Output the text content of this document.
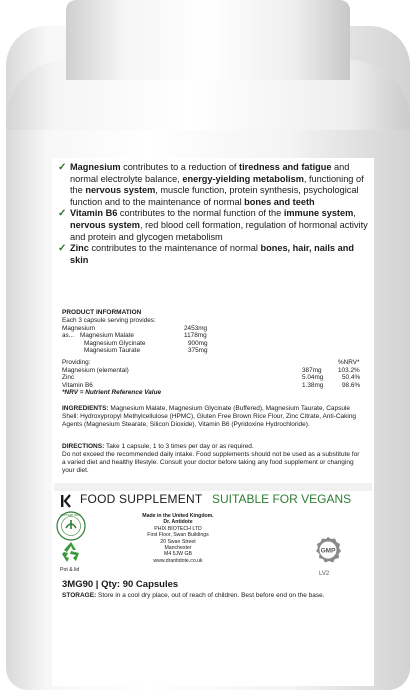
✓ Magnesium contributes to a reduction of tiredness and fatigue and normal electrolyte balance, energy-yielding metabolism, functioning of the nervous system, muscle function, protein synthesis, psychological function and to the maintenance of normal bones and teeth
✓ Vitamin B6 contributes to the normal function of the immune system, nervous system, red blood cell formation, regulation of hormonal activity and protein and glycogen metabolism
✓ Zinc contributes to the maintenance of normal bones, hair, nails and skin
PRODUCT INFORMATION
Each 3 capsule serving provides:
Magnesium	2453mg
as... Magnesium Malate	1178mg
Magnesium Glycinate	900mg
Magnesium Taurate	375mg
Providing:	%NRV*
Magnesium (elemental)	387mg	103.2%
Zinc	5.04mg	50.4%
Vitamin B6	1.38mg	98.6%
*NRV = Nutrient Reference Value
INGREDIENTS: Magnesium Malate, Magnesium Glycinate (Buffered), Magnesium Taurate, Capsule Shell: Hydroxypropyl Methylcellulose (HPMC), Gluten Free Brown Rice Flour, Zinc Citrate, Anti-Caking Agents (Magnesium Stearate, Silicon Dioxide), Vitamin B6 (Pyridoxine Hydrochloride).
DIRECTIONS: Take 1 capsule, 1 to 3 times per day or as required.
Do not exceed the recommended daily intake. Food supplements should not be used as a substitute for a varied diet and healthy lifestyle. Consult your doctor before taking any food supplement or changing your diet.
FOOD SUPPLEMENT SUITABLE FOR VEGANS
CERTIFIED HALAL
Pot & lid
Made in the United Kingdom.
Dr. Antidote
PHIX BIOTECH LTD
First Floor, Swan Buildings
20 Swan Street
Manchester
M4 5JW GB
www.drantidote.co.uk
GMP
LV2
3MG90 | Qty: 90 Capsules
STORAGE: Store in a cool dry place, out of reach of children. Best before end on the base.
